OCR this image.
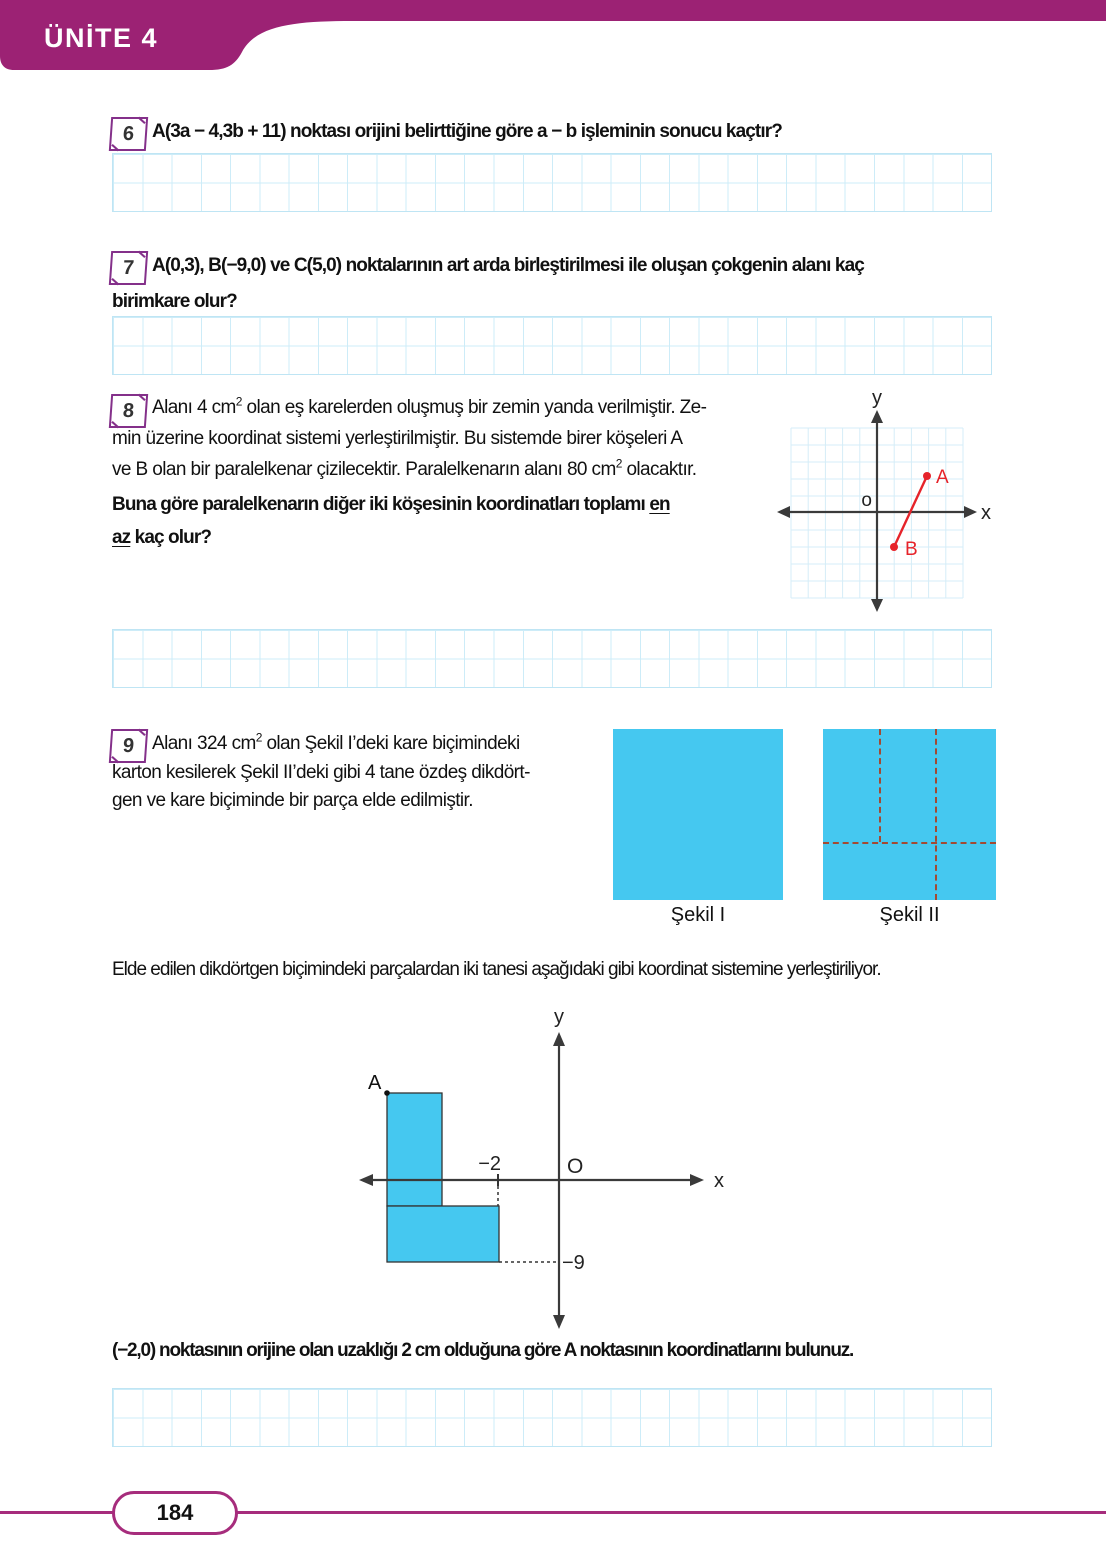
ÜNİTE 4
6 A(3a − 4,3b + 11) noktası orijini belirttiğine göre a − b işleminin sonucu kaçtır?
7 A(0,3), B(−9,0) ve C(5,0) noktalarının art arda birleştirilmesi ile oluşan çokgenin alanı kaç
birimkare olur?
8 Alanı 4 $cm^2$ olan eş karelerden oluşmuş bir zemin yanda verilmiştir. Ze-
min üzerine koordinat sistemi yerleştirilmiştir. Bu sistemde birer köşeleri A
ve B olan bir paralelkenar çizilecektir. Paralelkenarın alanı 80 $cm^2$ olacaktır.
Buna göre paralelkenarın diğer iki köşesinin koordinatları toplamı en
az kaç olur?
y
x
o
A
B
9 Alanı 324 $cm^2$ olan Şekil I’deki kare biçimindeki
karton kesilerek Şekil II’deki gibi 4 tane özdeş dikdört-
gen ve kare biçiminde bir parça elde edilmiştir.
Şekil I	Şekil II
Elde edilen dikdörtgen biçimindeki parçalardan iki tanesi aşağıdaki gibi koordinat sistemine yerleştiriliyor.
y
x
O
−2
−9
A
(−2,0) noktasının orijine olan uzaklığı 2 cm olduğuna göre A noktasının koordinatlarını bulunuz.
184
